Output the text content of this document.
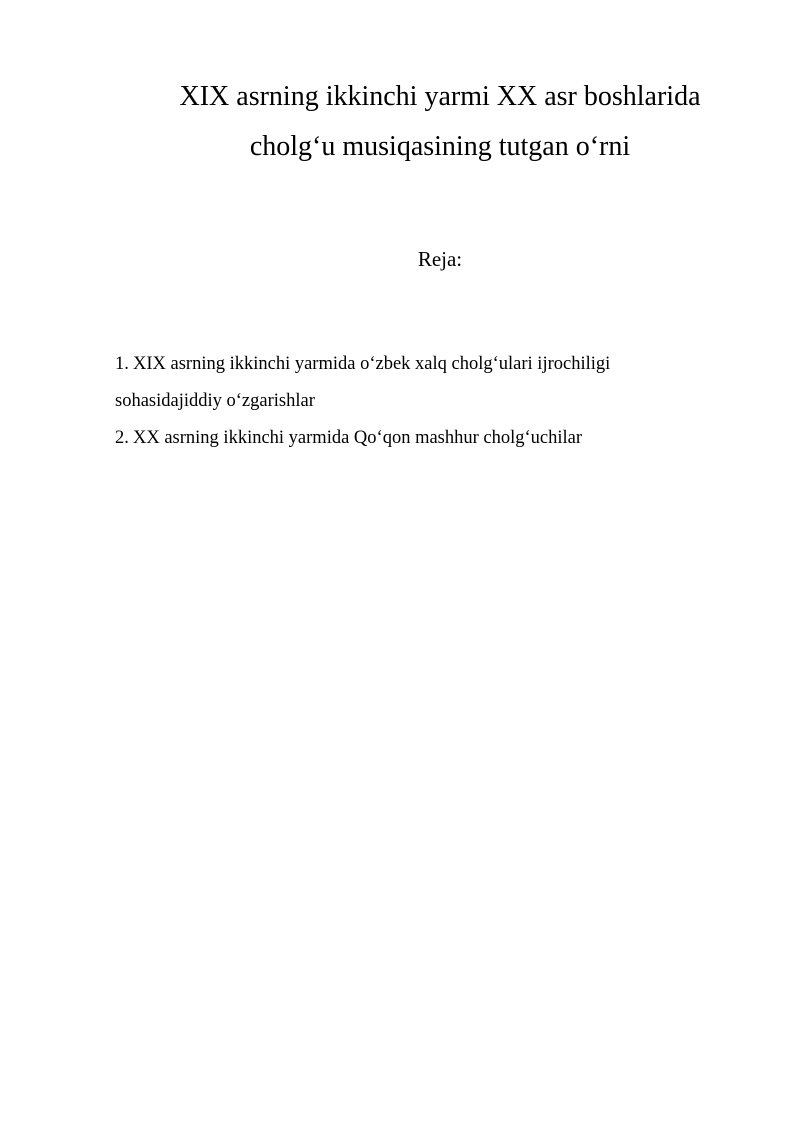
XIX asrning ikkinchi yarmi XX asr boshlarida
cholg‘u musiqasining tutgan o‘rni
Reja:
1. XIX asrning ikkinchi yarmida o‘zbek xalq cholg‘ulari ijrochiligi
sohasidajiddiy o‘zgarishlar
2. XX asrning ikkinchi yarmida Qo‘qon mashhur cholg‘uchilar
